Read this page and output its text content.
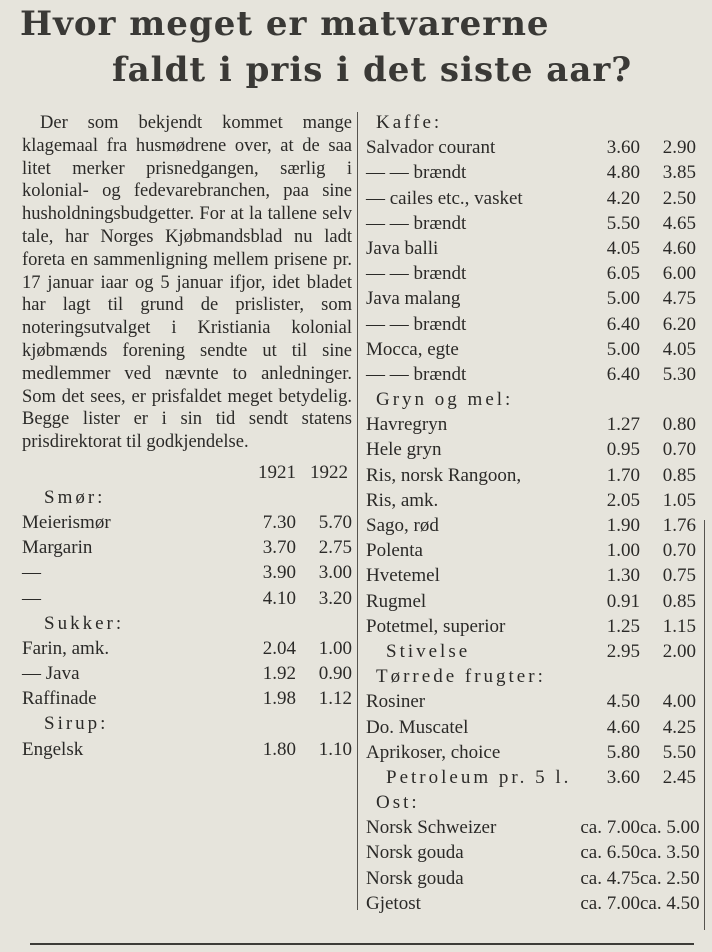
Hvor meget er matvarerne
faldt i pris i det siste aar?

Der som bekjendt kommet mange klagemaal fra husmødrene over, at de saa litet merker prisnedgangen, særlig i kolonial- og fedevarebranchen, paa sine husholdningsbudgetter. For at la tallene selv tale, har Norges Kjøbmandsblad nu ladt foreta en sammenligning mellem prisene pr. 17 januar iaar og 5 januar ifjor, idet bladet har lagt til grund de prislister, som noteringsutvalget i Kristiania kolonial kjøbmænds forening sendte ut til sine medlemmer ved nævnte to anledninger. Som det sees, er prisfaldet meget betydelig. Begge lister er i sin tid sendt statens prisdirektorat til godkjendelse.

1921 1922
Smør:
Meierismør	7.30	5.70
Margarin	3.70	2.75
—	3.90	3.00
—	4.10	3.20
Sukker:
Farin, amk.	2.04	1.00
— Java	1.92	0.90
Raffinade	1.98	1.12
Sirup:
Engelsk	1.80	1.10
Kaffe:
Salvador courant	3.60	2.90
— — brændt	4.80	3.85
— cailes etc., vasket	4.20	2.50
— — brændt	5.50	4.65
Java balli	4.05	4.60
— — brændt	6.05	6.00
Java malang	5.00	4.75
— — brændt	6.40	6.20
Mocca, egte	5.00	4.05
— — brændt	6.40	5.30
Gryn og mel:
Havregryn	1.27	0.80
Hele gryn	0.95	0.70
Ris, norsk Rangoon,	1.70	0.85
Ris, amk.	2.05	1.05
Sago, rød	1.90	1.76
Polenta	1.00	0.70
Hvetemel	1.30	0.75
Rugmel	0.91	0.85
Potetmel, superior	1.25	1.15
Stivelse	2.95	2.00
Tørrede frugter:
Rosiner	4.50	4.00
Do. Muscatel	4.60	4.25
Aprikoser, choice	5.80	5.50
Petroleum pr. 5 l.	3.60	2.45
Ost:
Norsk Schweizer	ca. 7.00 ca. 5.00
Norsk gouda	ca. 6.50 ca. 3.50
Norsk gouda	ca. 4.75 ca. 2.50
Gjetost	ca. 7.00 ca. 4.50
